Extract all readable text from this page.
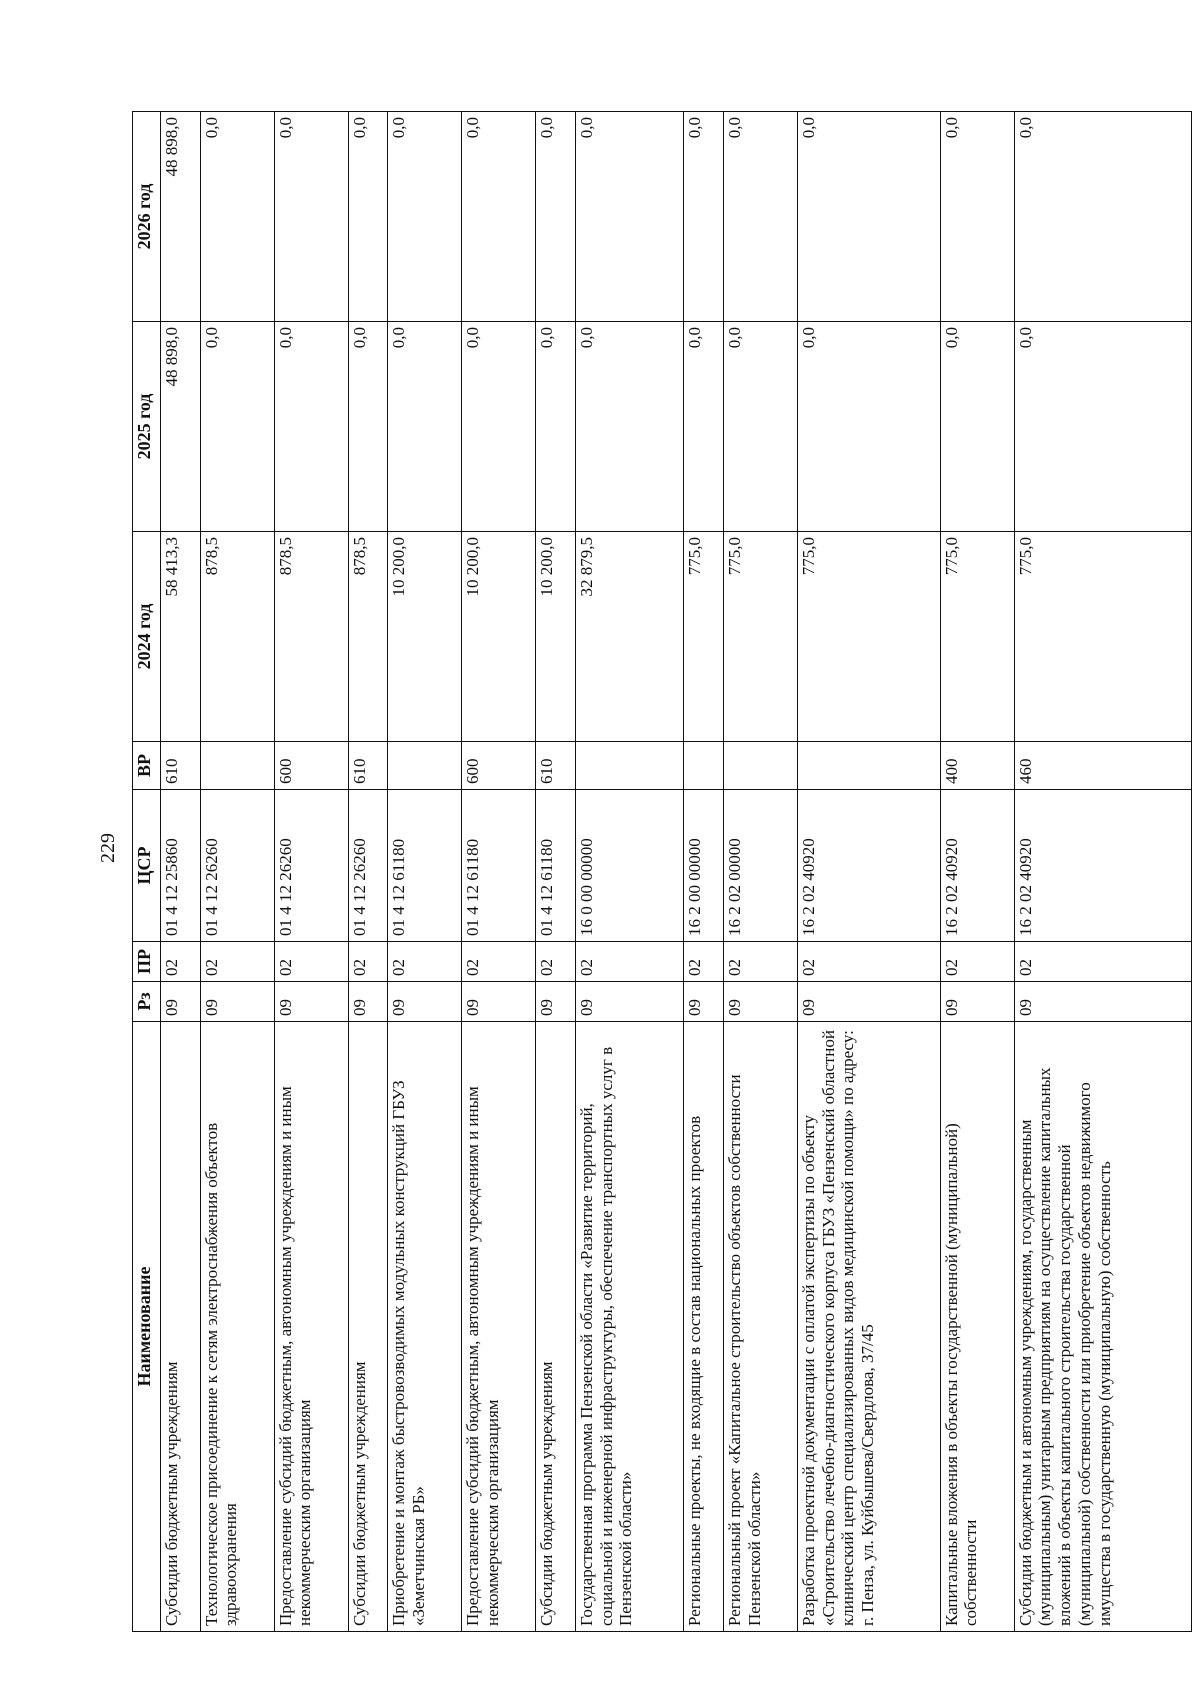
229
Наименование	Рз	ПР	ЦСР	ВР	2024 год	2025 год	2026 год
Субсидии бюджетным учреждениям	09	02	01 4 12 25860	610	58 413,3	48 898,0	48 898,0
Технологическое присоединение к сетям электроснабжения объектов здравоохранения	09	02	01 4 12 26260		878,5	0,0	0,0
Предоставление субсидий бюджетным, автономным учреждениям и иным некоммерческим организациям	09	02	01 4 12 26260	600	878,5	0,0	0,0
Субсидии бюджетным учреждениям	09	02	01 4 12 26260	610	878,5	0,0	0,0
Приобретение и монтаж быстровозводимых модульных конструкций ГБУЗ «Земетчинская РБ»	09	02	01 4 12 61180		10 200,0	0,0	0,0
Предоставление субсидий бюджетным, автономным учреждениям и иным некоммерческим организациям	09	02	01 4 12 61180	600	10 200,0	0,0	0,0
Субсидии бюджетным учреждениям	09	02	01 4 12 61180	610	10 200,0	0,0	0,0
Государственная программа Пензенской области «Развитие территорий, социальной и инженерной инфраструктуры, обеспечение транспортных услуг в Пензенской области»	09	02	16 0 00 00000		32 879,5	0,0	0,0
Региональные проекты, не входящие в состав национальных проектов	09	02	16 2 00 00000		775,0	0,0	0,0
Региональный проект «Капитальное строительство объектов собственности Пензенской области»	09	02	16 2 02 00000		775,0	0,0	0,0
Разработка проектной документации с оплатой экспертизы по объекту «Строительство лечебно-диагностического корпуса ГБУЗ «Пензенский областной клинический центр специализированных видов медицинской помощи» по адресу: г. Пенза, ул. Куйбышева/Свердлова, 37/45	09	02	16 2 02 40920		775,0	0,0	0,0
Капитальные вложения в объекты государственной (муниципальной) собственности	09	02	16 2 02 40920	400	775,0	0,0	0,0
Субсидии бюджетным и автономным учреждениям, государственным (муниципальным) унитарным предприятиям на осуществление капитальных вложений в объекты капитального строительства государственной (муниципальной) собственности или приобретение объектов недвижимого имущества в государственную (муниципальную) собственность	09	02	16 2 02 40920	460	775,0	0,0	0,0
